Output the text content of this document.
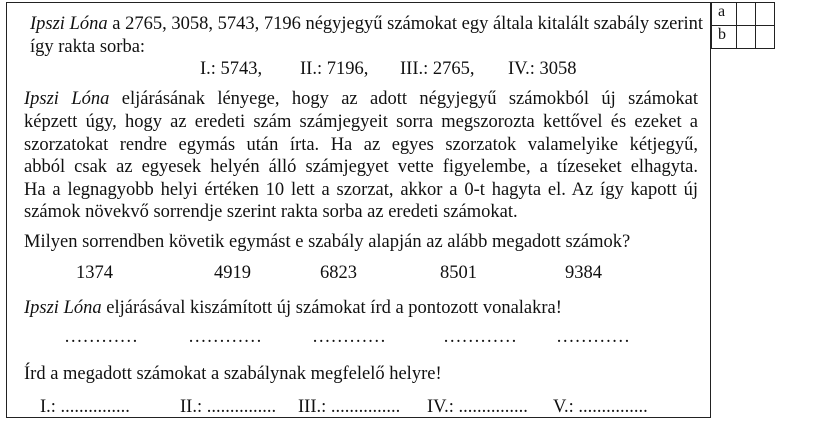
a		
b		
Ipszi Lóna a 2765, 3058, 5743, 7196 négyjegyű számokat egy általa kitalált szabály szerint
így rakta sorba:
I.: 5743, II.: 7196, III.: 2765, IV.: 3058
Ipszi Lóna eljárásának lényege, hogy az adott négyjegyű számokból új számokat
képzett úgy, hogy az eredeti szám számjegyeit sorra megszorozta kettővel és ezeket a
szorzatokat rendre egymás után írta. Ha az egyes szorzatok valamelyike kétjegyű,
abból csak az egyesek helyén álló számjegyet vette figyelembe, a tízeseket elhagyta.
Ha a legnagyobb helyi értéken 10 lett a szorzat, akkor a 0-t hagyta el. Az így kapott új
számok növekvő sorrendje szerint rakta sorba az eredeti számokat.
Milyen sorrendben követik egymást e szabály alapján az alább megadott számok?
1374	4919	6823	8501	9384
Ipszi Lóna eljárásával kiszámított új számokat írd a pontozott vonalakra!
…………	…………	…………	………… …………
Írd a megadott számokat a szabálynak megfelelő helyre!
I.: ...............	II.: ............... III.: ............... IV.: ............... V.: ...............
